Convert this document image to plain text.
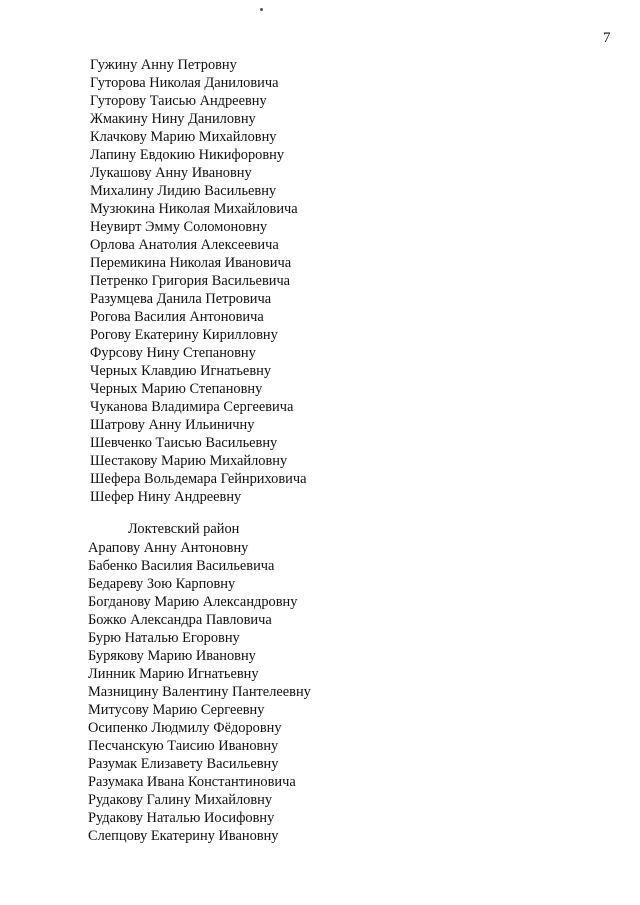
7
Гужину Анну Петровну
Гуторова Николая Даниловича
Гуторову Таисью Андреевну
Жмакину Нину Даниловну
Клачкову Марию Михайловну
Лапину Евдокию Никифоровну
Лукашову Анну Ивановну
Михалину Лидию Васильевну
Музюкина Николая Михайловича
Неувирт Эмму Соломоновну
Орлова Анатолия Алексеевича
Перемикина Николая Ивановича
Петренко Григория Васильевича
Разумцева Данила Петровича
Рогова Василия Антоновича
Рогову Екатерину Кирилловну
Фурсову Нину Степановну
Черных Клавдию Игнатьевну
Черных Марию Степановну
Чуканова Владимира Сергеевича
Шатрову Анну Ильиничну
Шевченко Таисью Васильевну
Шестакову Марию Михайловну
Шефера Вольдемара Гейнриховича
Шефер Нину Андреевну
Локтевский район
Арапову Анну Антоновну
Бабенко Василия Васильевича
Бедареву Зою Карповну
Богданову Марию Александровну
Божко Александра Павловича
Бурю Наталью Егоровну
Бурякову Марию Ивановну
Линник Марию Игнатьевну
Мазницину Валентину Пантелеевну
Митусову Марию Сергеевну
Осипенко Людмилу Фёдоровну
Песчанскую Таисию Ивановну
Разумак Елизавету Васильевну
Разумака Ивана Константиновича
Рудакову Галину Михайловну
Рудакову Наталью Иосифовну
Слепцову Екатерину Ивановну
